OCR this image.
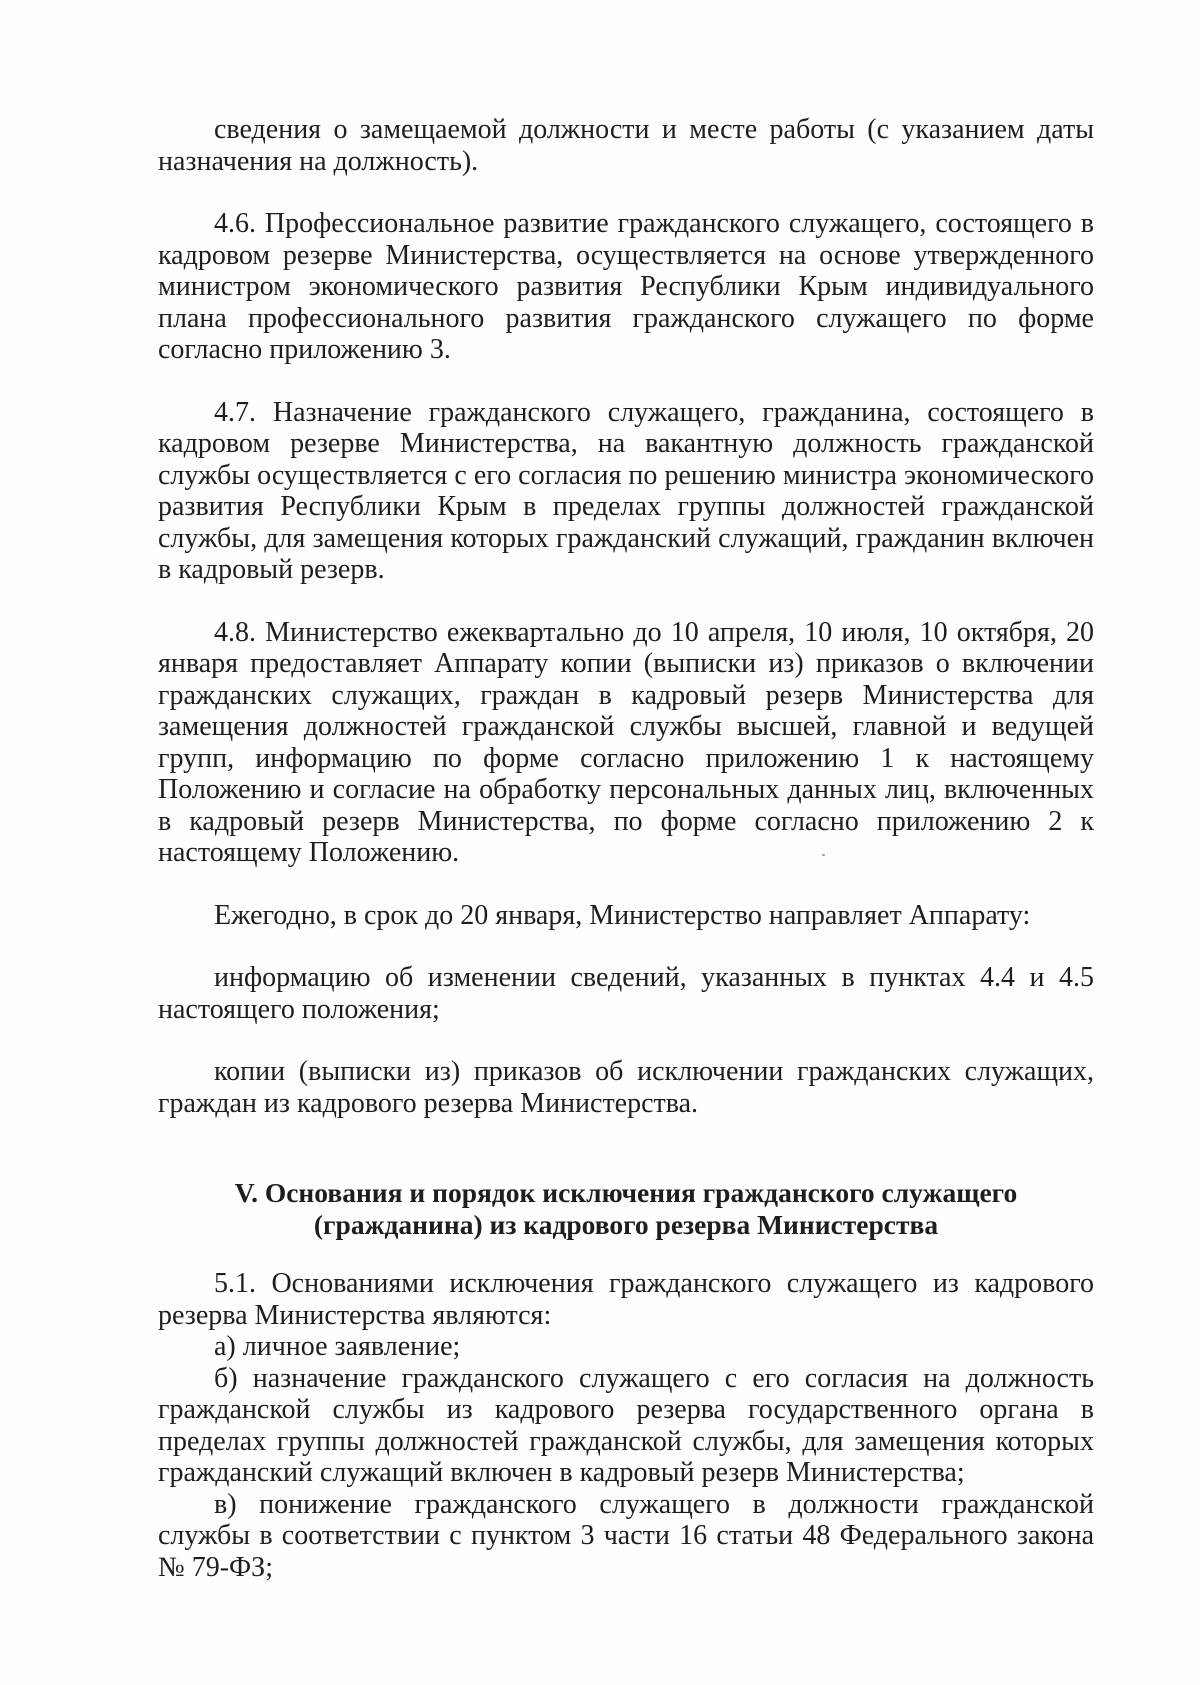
сведения о замещаемой должности и месте работы (с указанием даты назначения на должность).

4.6. Профессиональное развитие гражданского служащего, состоящего в кадровом резерве Министерства, осуществляется на основе утвержденного министром экономического развития Республики Крым индивидуального плана профессионального развития гражданского служащего по форме согласно приложению 3.

4.7. Назначение гражданского служащего, гражданина, состоящего в кадровом резерве Министерства, на вакантную должность гражданской службы осуществляется с его согласия по решению министра экономического развития Республики Крым в пределах группы должностей гражданской службы, для замещения которых гражданский служащий, гражданин включен в кадровый резерв.

4.8. Министерство ежеквартально до 10 апреля, 10 июля, 10 октября, 20 января предоставляет Аппарату копии (выписки из) приказов о включении гражданских служащих, граждан в кадровый резерв Министерства для замещения должностей гражданской службы высшей, главной и ведущей групп, информацию по форме согласно приложению 1 к настоящему Положению и согласие на обработку персональных данных лиц, включенных в кадровый резерв Министерства, по форме согласно приложению 2 к настоящему Положению.

Ежегодно, в срок до 20 января, Министерство направляет Аппарату:

информацию об изменении сведений, указанных в пунктах 4.4 и 4.5 настоящего положения;

копии (выписки из) приказов об исключении гражданских служащих, граждан из кадрового резерва Министерства.

V. Основания и порядок исключения гражданского служащего

(гражданина) из кадрового резерва Министерства

5.1. Основаниями исключения гражданского служащего из кадрового резерва Министерства являются:

а) личное заявление;

б) назначение гражданского служащего с его согласия на должность гражданской службы из кадрового резерва государственного органа в пределах группы должностей гражданской службы, для замещения которых гражданский служащий включен в кадровый резерв Министерства;

в) понижение гражданского служащего в должности гражданской службы в соответствии с пунктом 3 части 16 статьи 48 Федерального закона № 79-ФЗ;
